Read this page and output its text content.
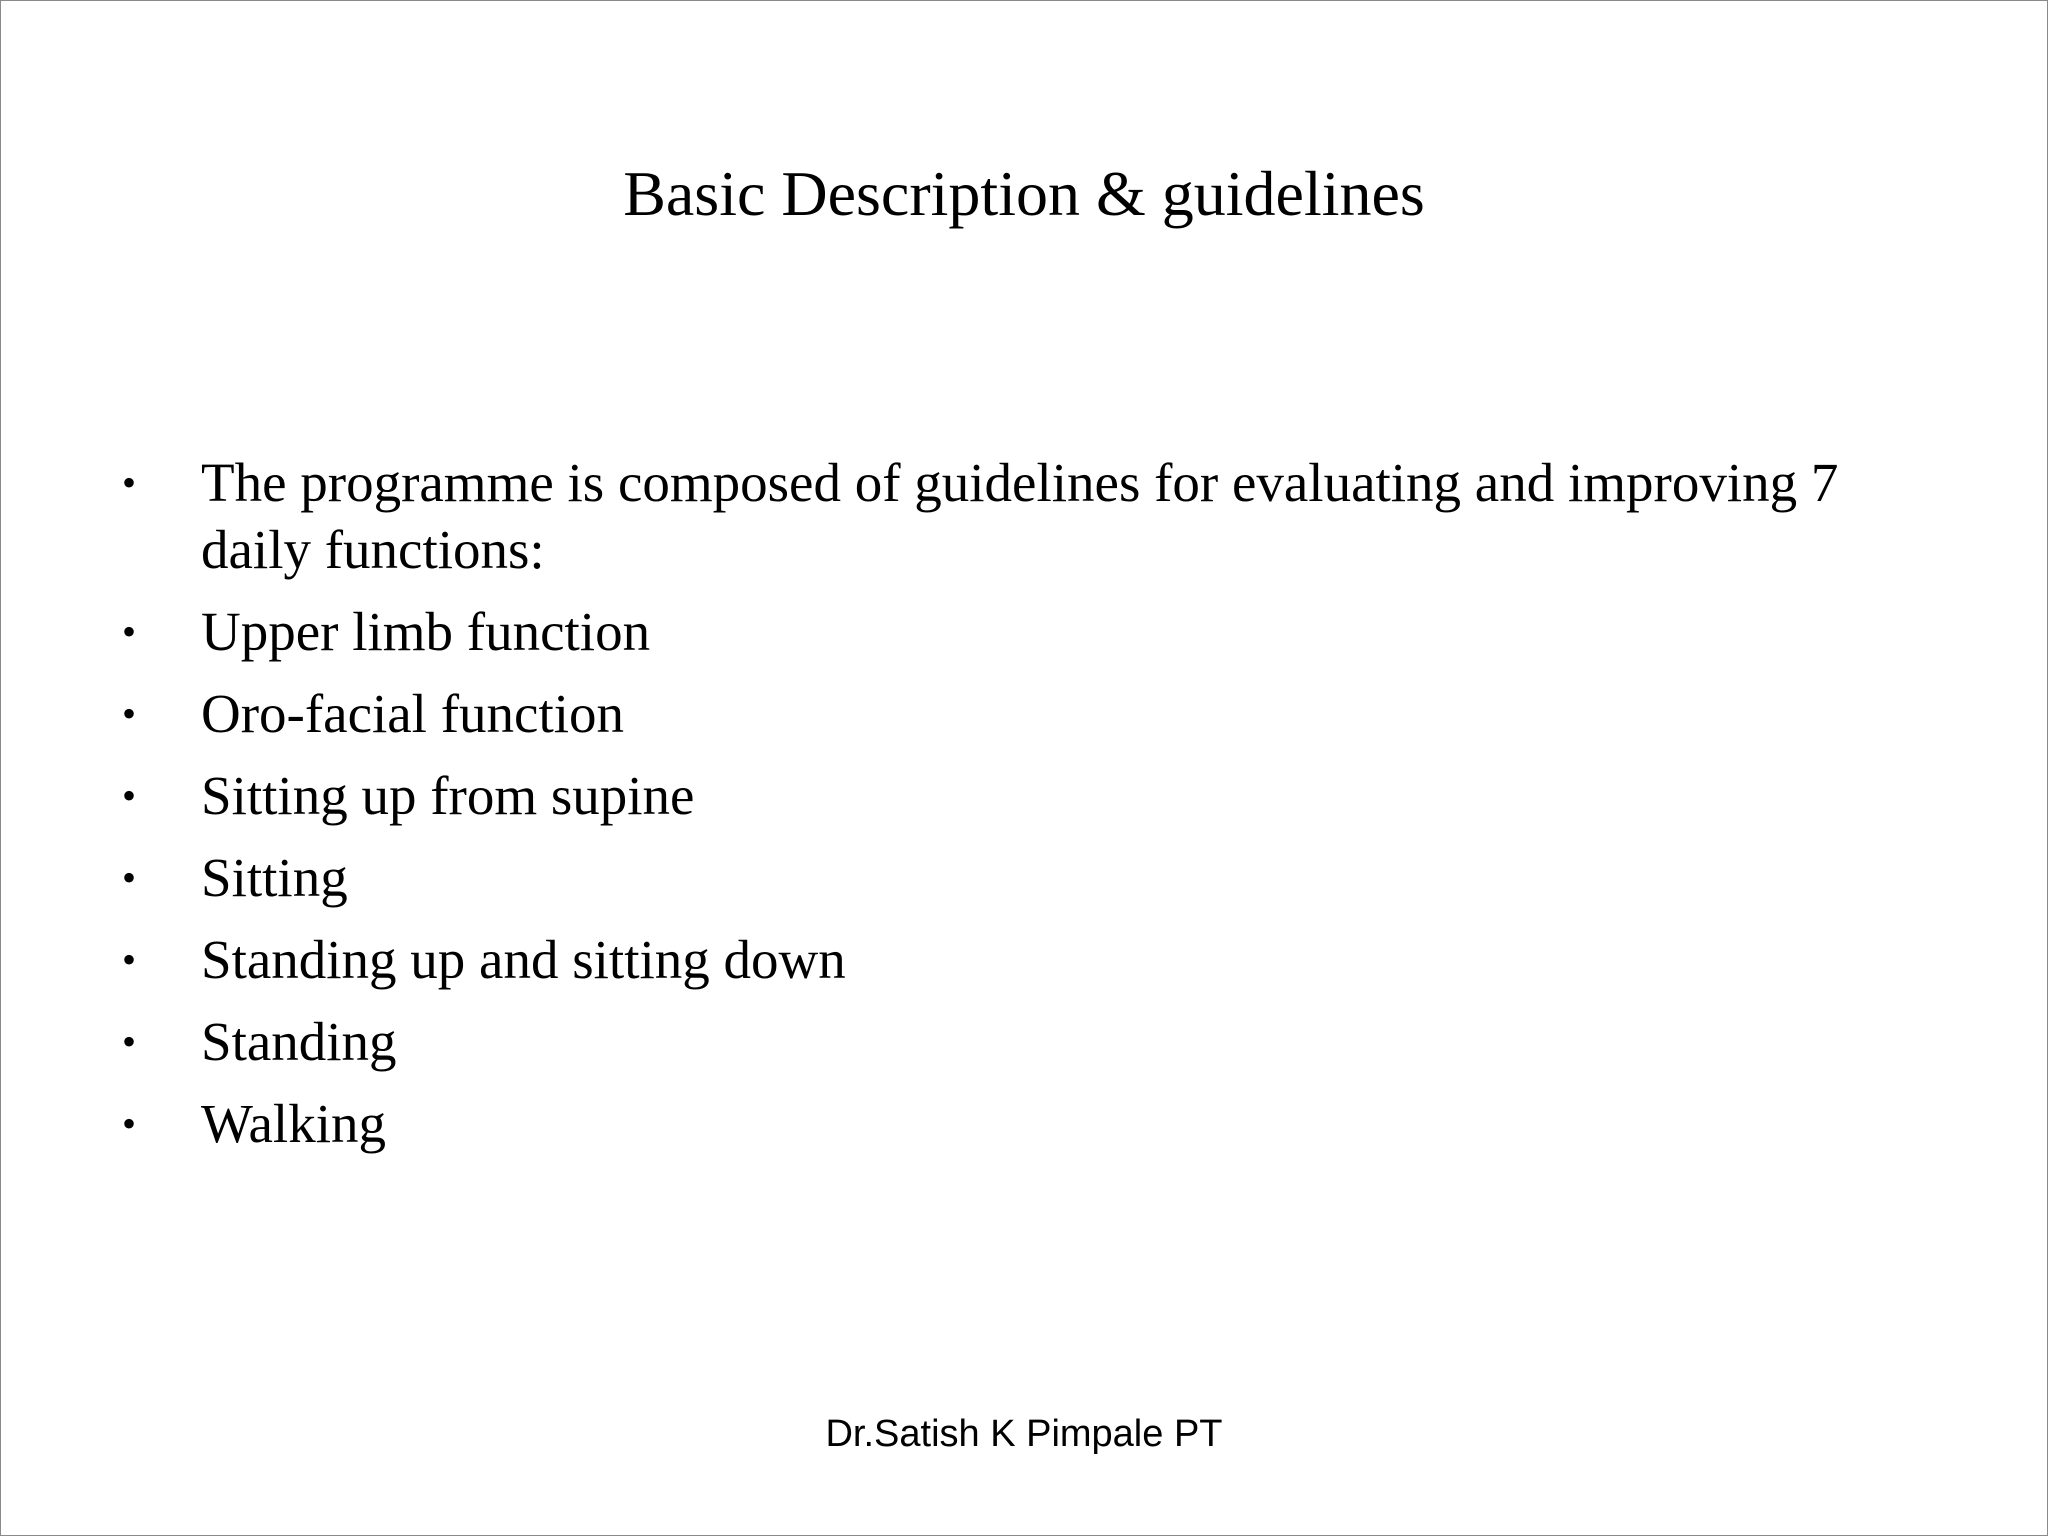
Basic Description & guidelines
•	The programme is composed of guidelines for evaluating and improving 7 daily functions:
•	Upper limb function
•	Oro-facial function
•	Sitting up from supine
•	Sitting
•	Standing up and sitting down
•	Standing
•	Walking
Dr.Satish K Pimpale PT
